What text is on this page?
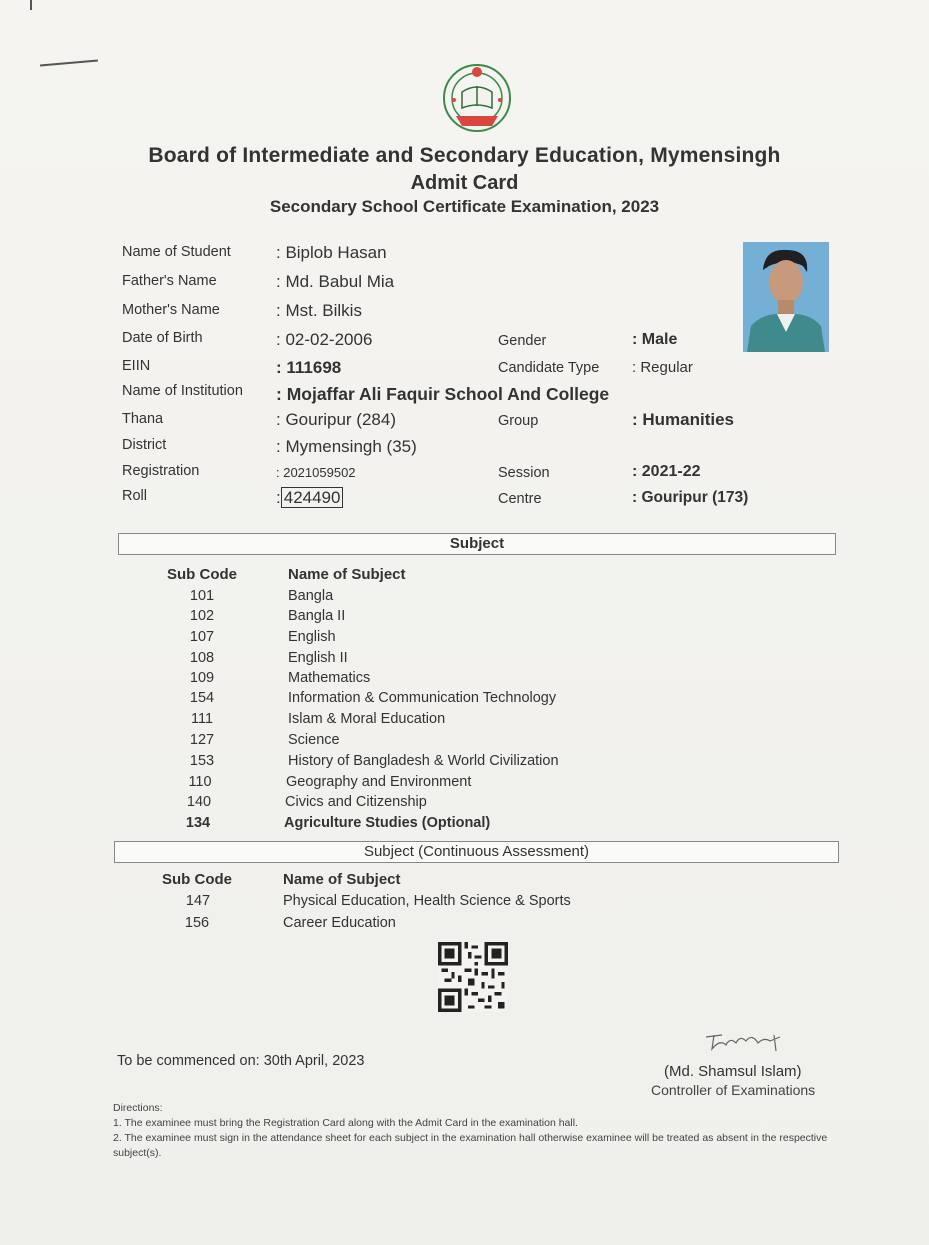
Board of Intermediate and Secondary Education, Mymensingh
Admit Card
Secondary School Certificate Examination, 2023
Name of Student	: Biplob Hasan
Father's Name	: Md. Babul Mia
Mother's Name	: Mst. Bilkis
Date of Birth	: 02-02-2006	Gender	: Male
EIIN	: 111698	Candidate Type : Regular
Name of Institution : Mojaffar Ali Faquir School And College
Thana	: Gouripur (284)	Group	: Humanities
District	: Mymensingh (35)
Registration	: 2021059502	Session	: 2021-22
Roll	: 424490	Centre	: Gouripur (173)
Subject
Sub Code	Name of Subject
101	Bangla
102	Bangla II
107	English
108	English II
109	Mathematics
154	Information & Communication Technology
111	Islam & Moral Education
127	Science
153	History of Bangladesh & World Civilization
110	Geography and Environment
140	Civics and Citizenship
134	Agriculture Studies (Optional)
Subject (Continuous Assessment)
Sub Code	Name of Subject
147	Physical Education, Health Science & Sports
156	Career Education
To be commenced on: 30th April, 2023
(Md. Shamsul Islam)
Controller of Examinations
Directions:
1. The examinee must bring the Registration Card along with the Admit Card in the examination hall.
2. The examinee must sign in the attendance sheet for each subject in the examination hall otherwise examinee will be treated as absent in the respective subject(s).
